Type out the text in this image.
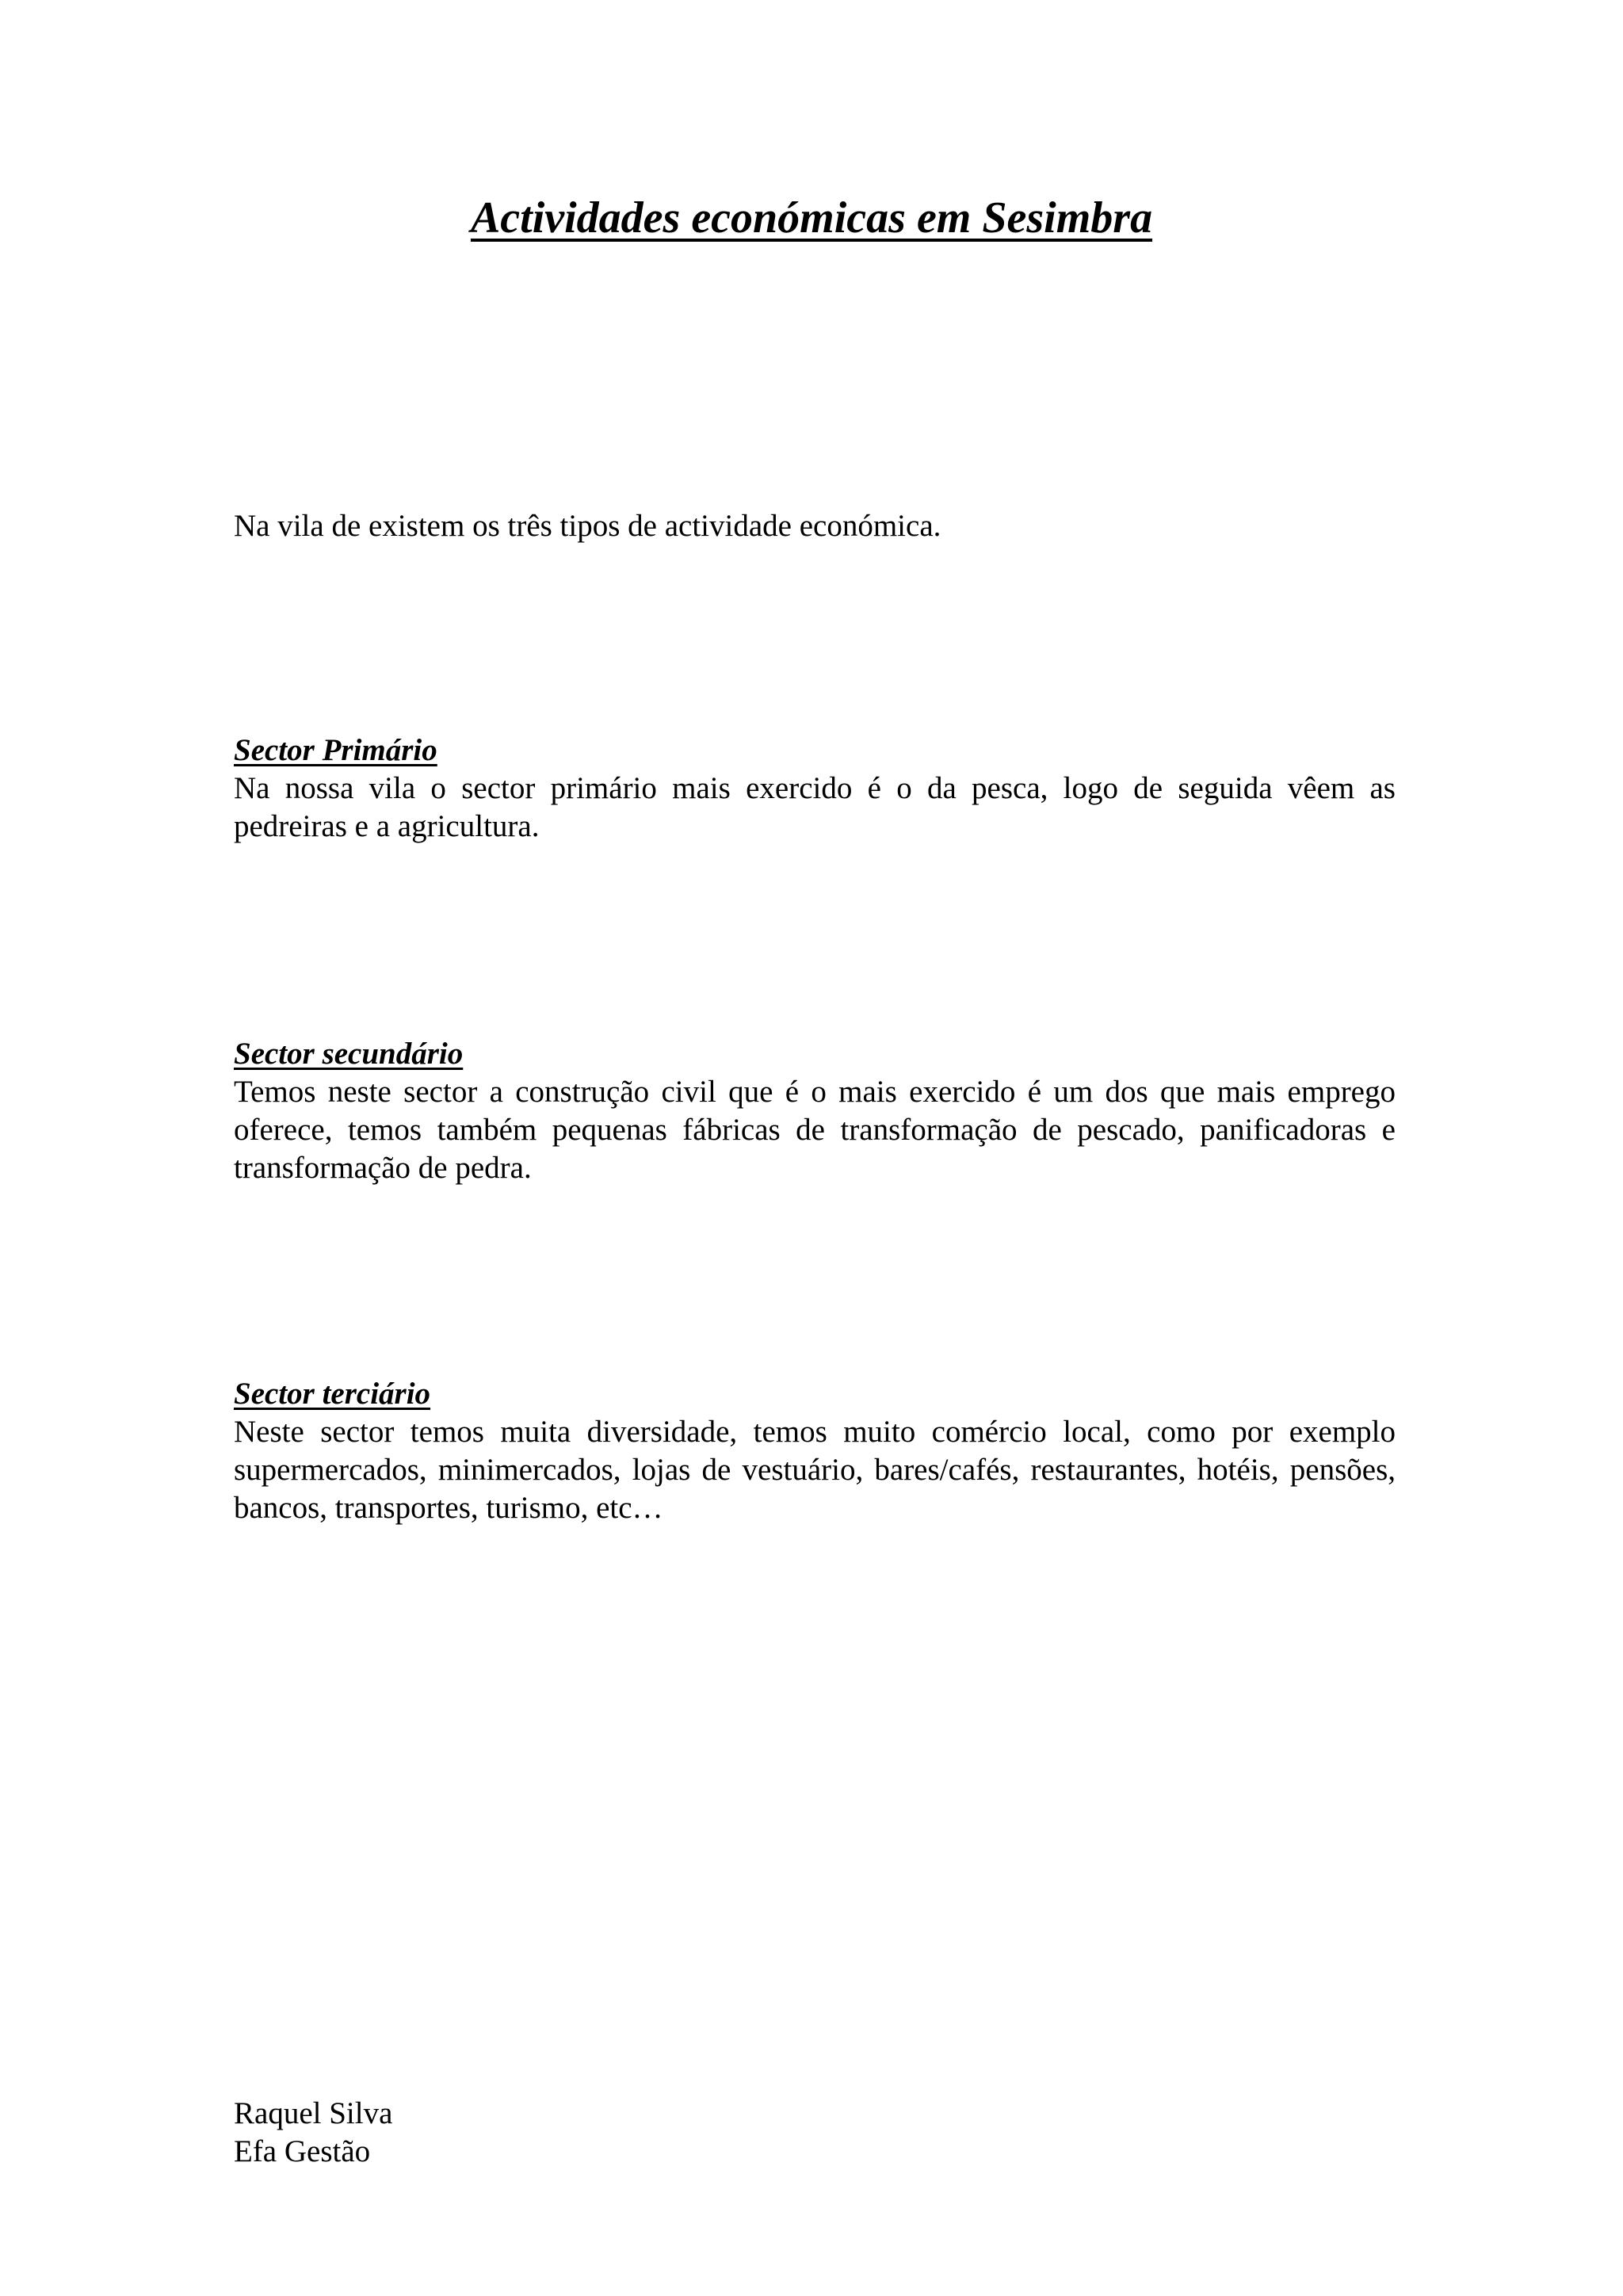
Actividades económicas em Sesimbra

Na vila de existem os três tipos de actividade económica.

Sector Primário

Na nossa vila o sector primário mais exercido é o da pesca, logo de seguida vêem as pedreiras e a agricultura.

Sector secundário

Temos neste sector a construção civil que é o mais exercido é um dos que mais emprego oferece, temos também pequenas fábricas de transformação de pescado, panificadoras e transformação de pedra.

Sector terciário

Neste sector temos muita diversidade, temos muito comércio local, como por exemplo supermercados, minimercados, lojas de vestuário, bares/cafés, restaurantes, hotéis, pensões, bancos, transportes, turismo, etc…

Raquel Silva
Efa Gestão
